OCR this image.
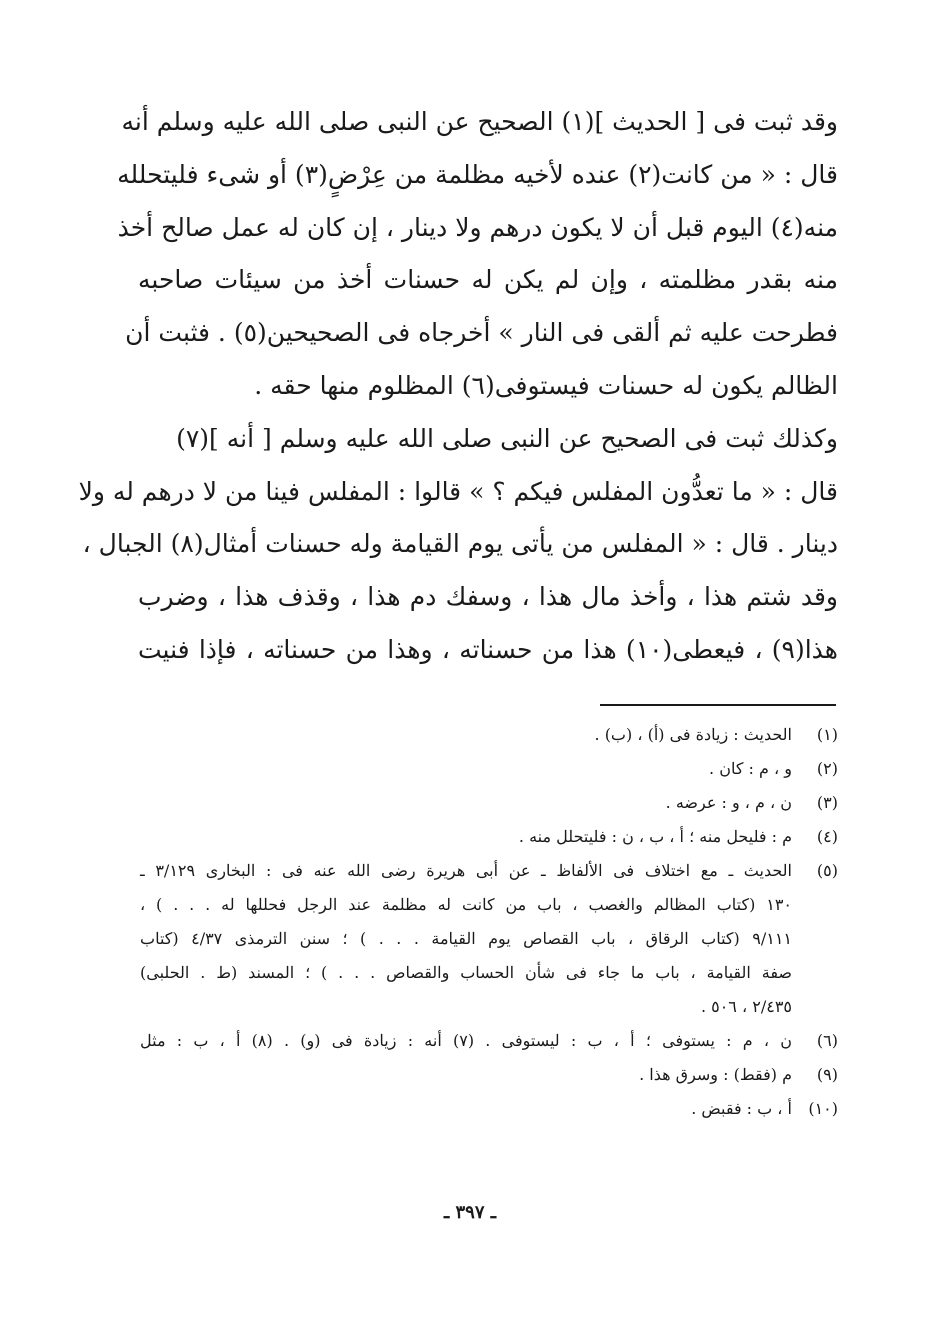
وقد ثبت فى [ الحديث ](١) الصحيح عن النبى صلى الله عليه وسلم أنه
قال : « من كانت(٢) عنده لأخيه مظلمة من عِرْضٍ(٣) أو شىء فليتحلله
منه(٤) اليوم قبل أن لا يكون درهم ولا دينار ، إن كان له عمل صالح أخذ
منه بقدر مظلمته ، وإن لم يكن له حسنات أخذ من سيئات صاحبه
فطرحت عليه ثم ألقى فى النار » أخرجاه فى الصحيحين(٥) . فثبت أن
الظالم يكون له حسنات فيستوفى(٦) المظلوم منها حقه .
وكذلك ثبت فى الصحيح عن النبى صلى الله عليه وسلم [ أنه ](٧)
قال : « ما تعدُّون المفلس فيكم ؟ » قالوا : المفلس فينا من لا درهم له ولا
دينار . قال : « المفلس من يأتى يوم القيامة وله حسنات أمثال(٨) الجبال ،
وقد شتم هذا ، وأخذ مال هذا ، وسفك دم هذا ، وقذف هذا ، وضرب
هذا(٩) ، فيعطى(١٠) هذا من حسناته ، وهذا من حسناته ، فإذا فنيت
(١)
الحديث : زيادة فى (أ) ، (ب) .
(٢)
و ، م : كان .
(٣)
ن ، م ، و : عرضه .
(٤)
م : فليحل منه ؛ أ ، ب ، ن : فليتحلل منه .
(٥)
الحديث ـ مع اختلاف فى الألفاظ ـ عن أبى هريرة رضى الله عنه فى : البخارى ٣/١٢٩ ـ
١٣٠ (كتاب المظالم والغصب ، باب من كانت له مظلمة عند الرجل فحللها له . . . ) ،
٩/١١١ (كتاب الرقاق ، باب القصاص يوم القيامة . . . ) ؛ سنن الترمذى ٤/٣٧ (كتاب
صفة القيامة ، باب ما جاء فى شأن الحساب والقصاص . . . ) ؛ المسند (ط . الحلبى)
٢/٤٣٥ ، ٥٠٦ .
(٦)
ن ، م : يستوفى ؛ أ ، ب : ليستوفى . (٧) أنه : زيادة فى (و) . (٨) أ ، ب : مثل
(٩)
م (فقط) : وسرق هذا .
(١٠)
أ ، ب : فقبض .
ـ ٣٩٧ ـ
